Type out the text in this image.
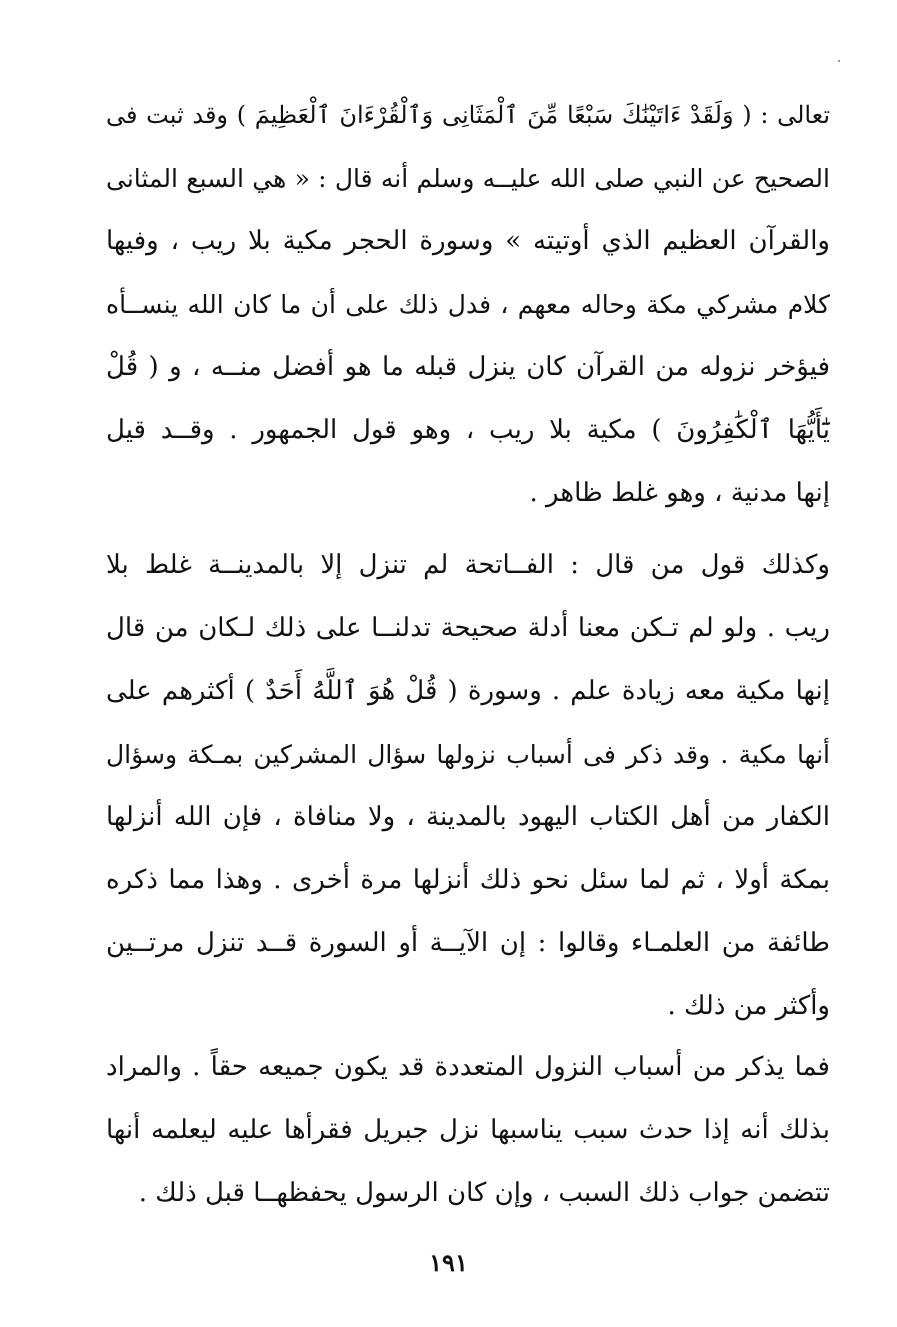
تعالى : ( وَلَقَدْ ءَاتَيْنَٰكَ سَبْعًا مِّنَ ٱلْمَثَانِى وَٱلْقُرْءَانَ ٱلْعَظِيمَ ) وقد ثبت فى
الصحيح عن النبي صلى الله عليــه وسلم أنه قال : « هي السبع المثانى
والقرآن العظيم الذي أوتيته » وسورة الحجر مكية بلا ريب ، وفيها
كلام مشركي مكة وحاله معهم ، فدل ذلك على أن ما كان الله ينســأه
فيؤخر نزوله من القرآن كان ينزل قبله ما هو أفضل منــه ، و ( قُلْ
يَٰٓأَيُّهَا ٱلْكَٰفِرُونَ ) مكية بلا ريب ، وهو قول الجمهور . وقــد قيل
إنها مدنية ، وهو غلط ظاهر .
وكذلك قول من قال : الفــاتحة لم تنزل إلا بالمدينــة غلط بلا
ريب . ولو لم تـكن معنا أدلة صحيحة تدلنــا على ذلك لـكان من قال
إنها مكية معه زيادة علم . وسورة ( قُلْ هُوَ ٱللَّهُ أَحَدٌ ) أكثرهم على
أنها مكية . وقد ذكر فى أسباب نزولها سؤال المشركين بمـكة وسؤال
الكفار من أهل الكتاب اليهود بالمدينة ، ولا منافاة ، فإن الله أنزلها
بمكة أولا ، ثم لما سئل نحو ذلك أنزلها مرة أخرى . وهذا مما ذكره
طائفة من العلمـاء وقالوا : إن الآيــة أو السورة قــد تنزل مرتــين
وأكثر من ذلك .
فما يذكر من أسباب النزول المتعددة قد يكون جميعه حقاً . والمراد
بذلك أنه إذا حدث سبب يناسبها نزل جبريل فقرأها عليه ليعلمه أنها
تتضمن جواب ذلك السبب ، وإن كان الرسول يحفظهــا قبل ذلك .
١٩١
